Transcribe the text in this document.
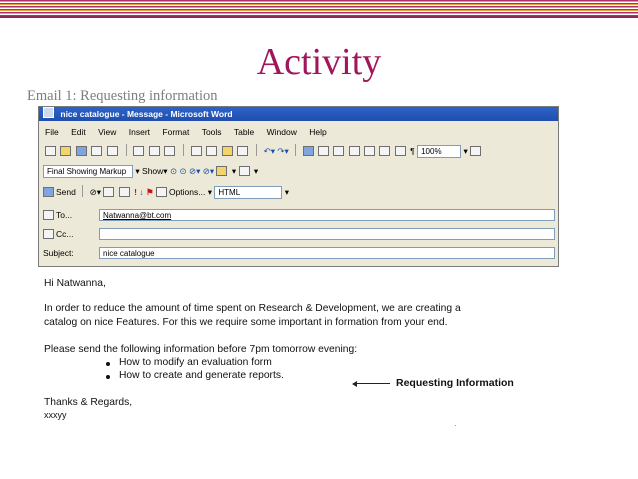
Activity
Email 1: Requesting information
nice catalogue - Message - Microsoft Word
File Edit View Insert Format Tools Table Window Help
↶▾ ↷▾	¶ 100%	▾
Final Showing Markup ▾ Show▾ ⊙ ⊙ ⊘▾ ⊘▾ ▾ ▾
Send ⊘▾	! ↓ ⚑ Options... ▾ HTML	▾
To...	Natwanna@bt.com
Cc...
Subject:	nice catalogue
Hi Natwanna,
In order to reduce the amount of time spent on Research & Development, we are creating a
catalog on nice Features. For this we require some important in formation from your end.
Please send the following information before 7pm tomorrow evening:
How to modify an evaluation form
How to create and generate reports.
Thanks & Regards,
xxxyy
Requesting Information
